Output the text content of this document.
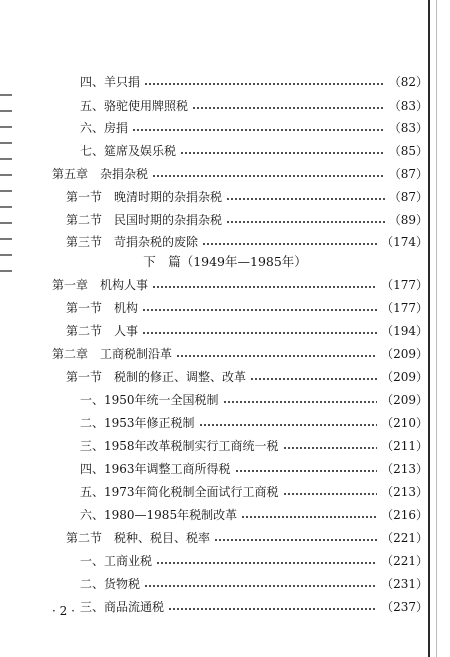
四、羊只捐	（82）
五、骆驼使用牌照税	（83）
六、房捐	（83）
七、筵席及娱乐税	（85）
第五章　杂捐杂税	（87）
第一节　晚清时期的杂捐杂税	（87）
第二节　民国时期的杂捐杂税	（89）
第三节　苛捐杂税的废除	（174）
下　篇（1949年—1985年）
第一章　机构人事	（177）
第一节　机构	（177）
第二节　人事	（194）
第二章　工商税制沿革	（209）
第一节　税制的修正、调整、改革	（209）
一、1950年统一全国税制	（209）
二、1953年修正税制	（210）
三、1958年改革税制实行工商统一税	（211）
四、1963年调整工商所得税	（213）
五、1973年简化税制全面试行工商税	（213）
六、1980—1985年税制改革	（216）
第二节　税种、税目、税率	（221）
一、工商业税	（221）
二、货物税	（231）
三、商品流通税	（237）
· 2 ·
